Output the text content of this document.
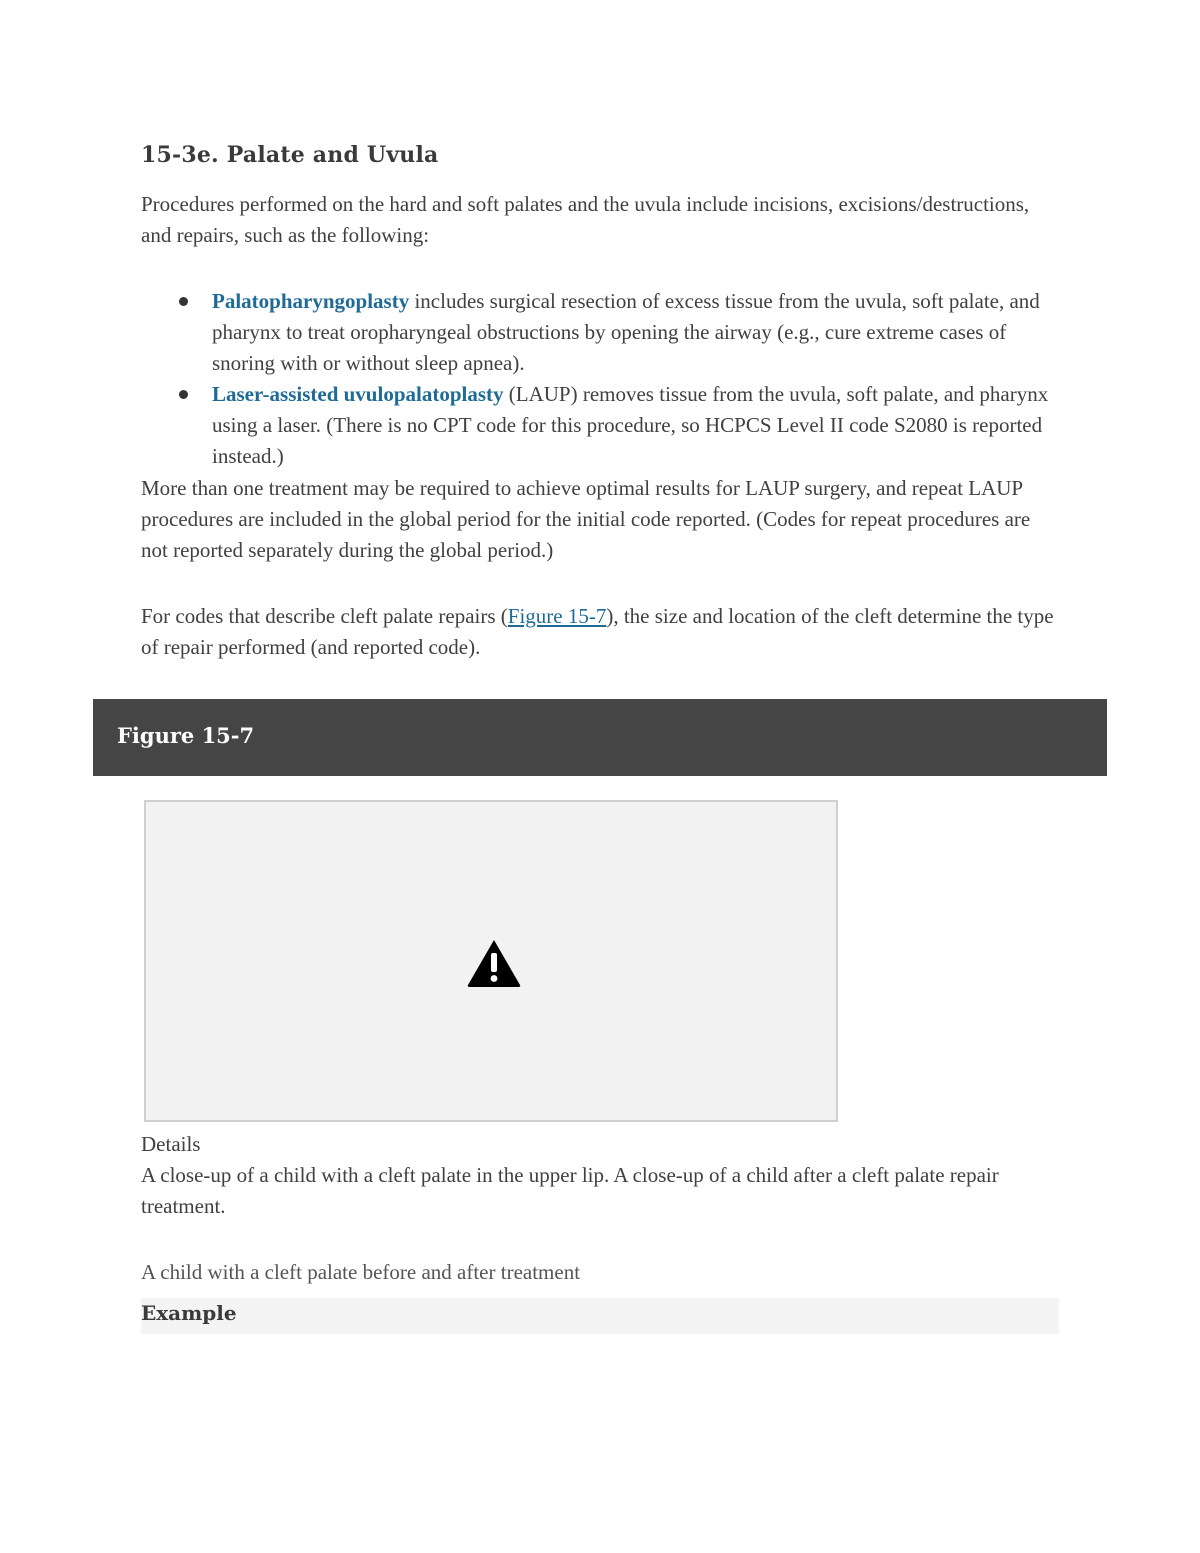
15-3e. Palate and Uvula

Procedures performed on the hard and soft palates and the uvula include incisions, excisions/destructions, and repairs, such as the following:

Palatopharyngoplasty includes surgical resection of excess tissue from the uvula, soft palate, and pharynx to treat oropharyngeal obstructions by opening the airway (e.g., cure extreme cases of snoring with or without sleep apnea).
Laser-assisted uvulopalatoplasty (LAUP) removes tissue from the uvula, soft palate, and pharynx using a laser. (There is no CPT code for this procedure, so HCPCS Level II code S2080 is reported instead.)

More than one treatment may be required to achieve optimal results for LAUP surgery, and repeat LAUP procedures are included in the global period for the initial code reported. (Codes for repeat procedures are not reported separately during the global period.)

For codes that describe cleft palate repairs (Figure 15-7), the size and location of the cleft determine the type of repair performed (and reported code).

Figure 15-7

Details

A close-up of a child with a cleft palate in the upper lip. A close-up of a child after a cleft palate repair treatment.

A child with a cleft palate before and after treatment

Example
